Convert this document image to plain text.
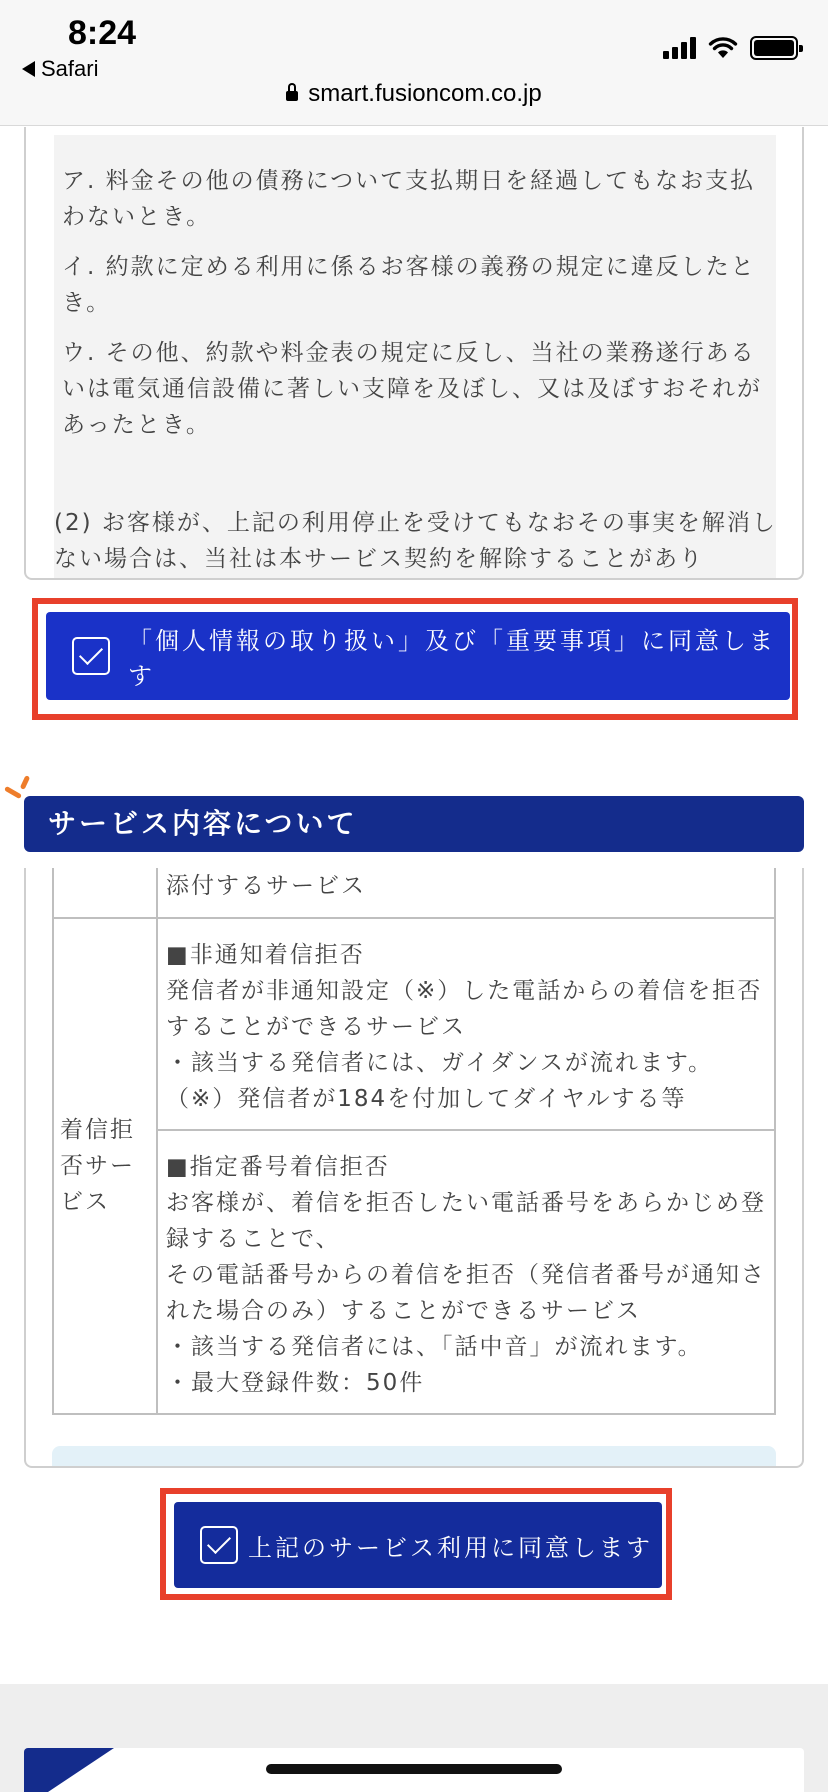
8:24
Safari
smart.fusioncom.co.jp
ア. 料金その他の債務について支払期日を経過してもなお支払わないとき。
イ. 約款に定める利用に係るお客様の義務の規定に違反したとき。
ウ. その他、約款や料金表の規定に反し、当社の業務遂行あるいは電気通信設備に著しい支障を及ぼし、又は及ぼすおそれがあったとき。
(2) お客様が、上記の利用停止を受けてもなおその事実を解消しない場合は、当社は本サービス契約を解除することがあり
「個人情報の取り扱い」及び「重要事項」に同意します
サービス内容について

	添付するサービス

着信拒否サービス	■非通知着信拒否
発信者が非通知設定（※）した電話からの着信を拒否することができるサービス
・該当する発信者には、ガイダンスが流れます。
（※）発信者が184を付加してダイヤルする等

	■指定番号着信拒否
お客様が、着信を拒否したい電話番号をあらかじめ登録することで、
その電話番号からの着信を拒否（発信者番号が通知された場合のみ）することができるサービス
・該当する発信者には、「話中音」が流れます。
・最大登録件数：50件
上記のサービス利用に同意します
